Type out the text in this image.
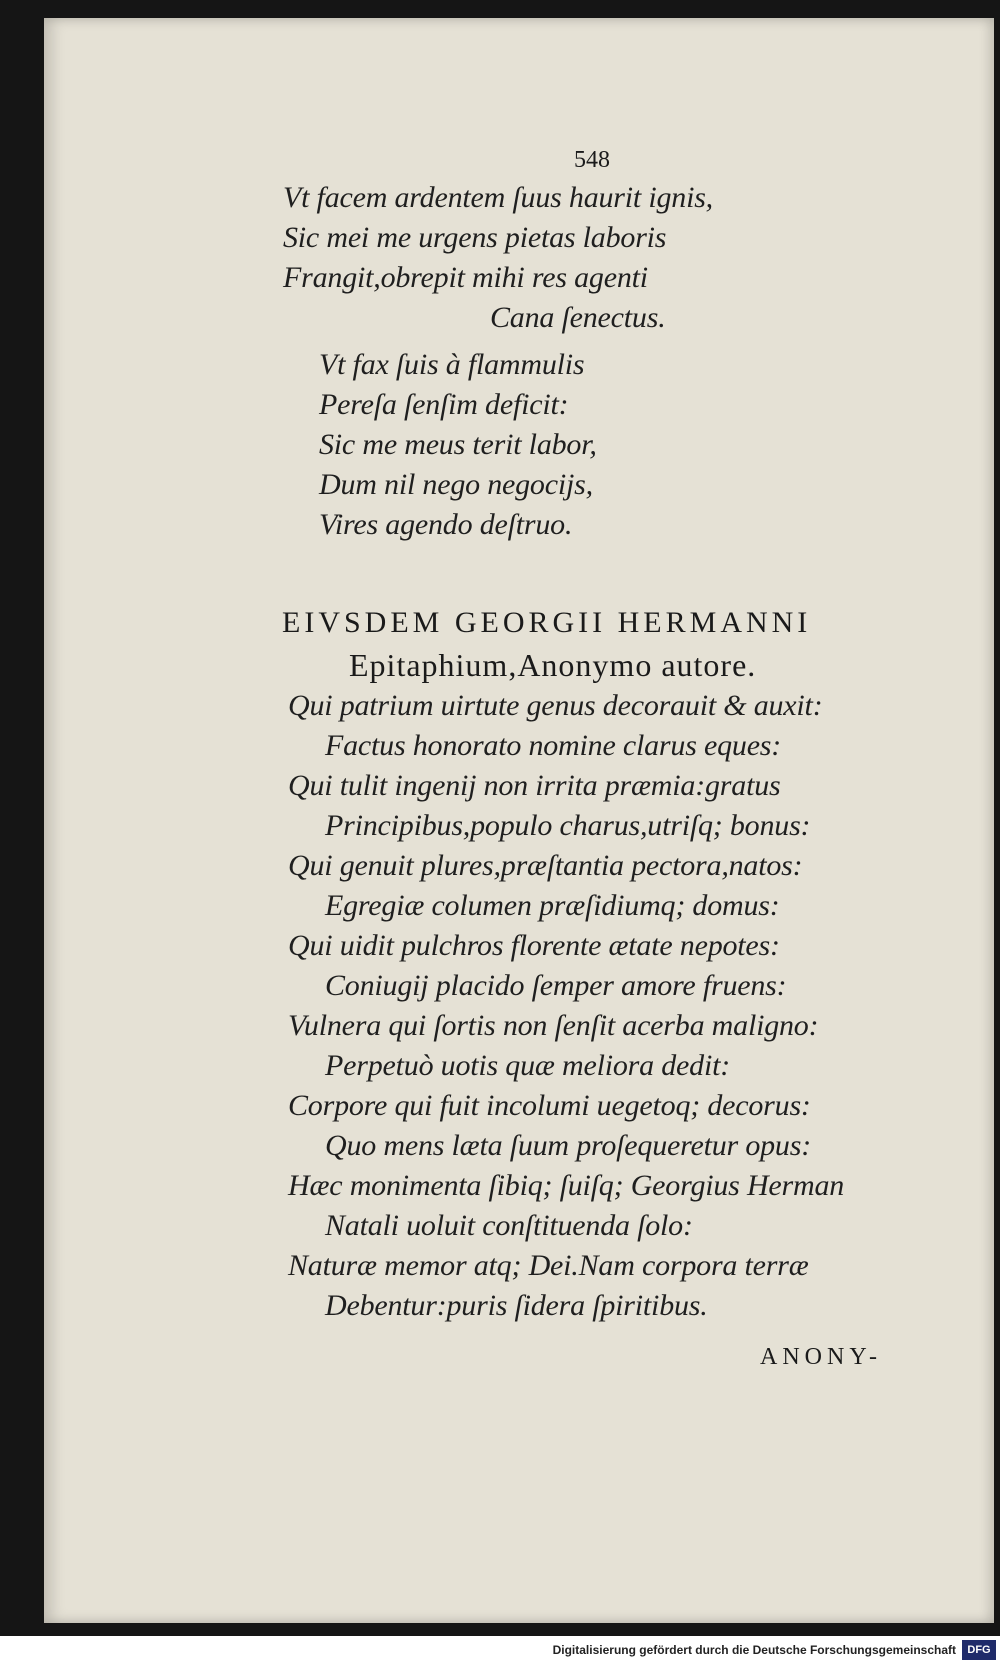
548
Vt facem ardentem ſuus haurit ignis,
Sic mei me urgens pietas laboris
Frangit,obrepit mihi res agenti
Cana ſenectus.
Vt fax ſuis à flammulis
Pereſa ſenſim deficit:
Sic me meus terit labor,
Dum nil nego negocijs,
Vires agendo deſtruo.
EIVSDEM GEORGII HERMANNI
Epitaphium,Anonymo autore.
Qui patrium uirtute genus decorauit & auxit:
Factus honorato nomine clarus eques:
Qui tulit ingenij non irrita præmia:gratus
Principibus,populo charus,utriſq; bonus:
Qui genuit plures,præſtantia pectora,natos:
Egregiæ columen præſidiumq; domus:
Qui uidit pulchros florente ætate nepotes:
Coniugij placido ſemper amore fruens:
Vulnera qui ſortis non ſenſit acerba maligno:
Perpetuò uotis quæ meliora dedit:
Corpore qui fuit incolumi uegetoq; decorus:
Quo mens læta ſuum proſequeretur opus:
Hæc monimenta ſibiq; ſuiſq; Georgius Herman
Natali uoluit conſtituenda ſolo:
Naturæ memor atq; Dei.Nam corpora terræ
Debentur:puris ſidera ſpiritibus.
ANONY-
Digitalisierung gefördert durch die Deutsche Forschungsgemeinschaft	DFG
